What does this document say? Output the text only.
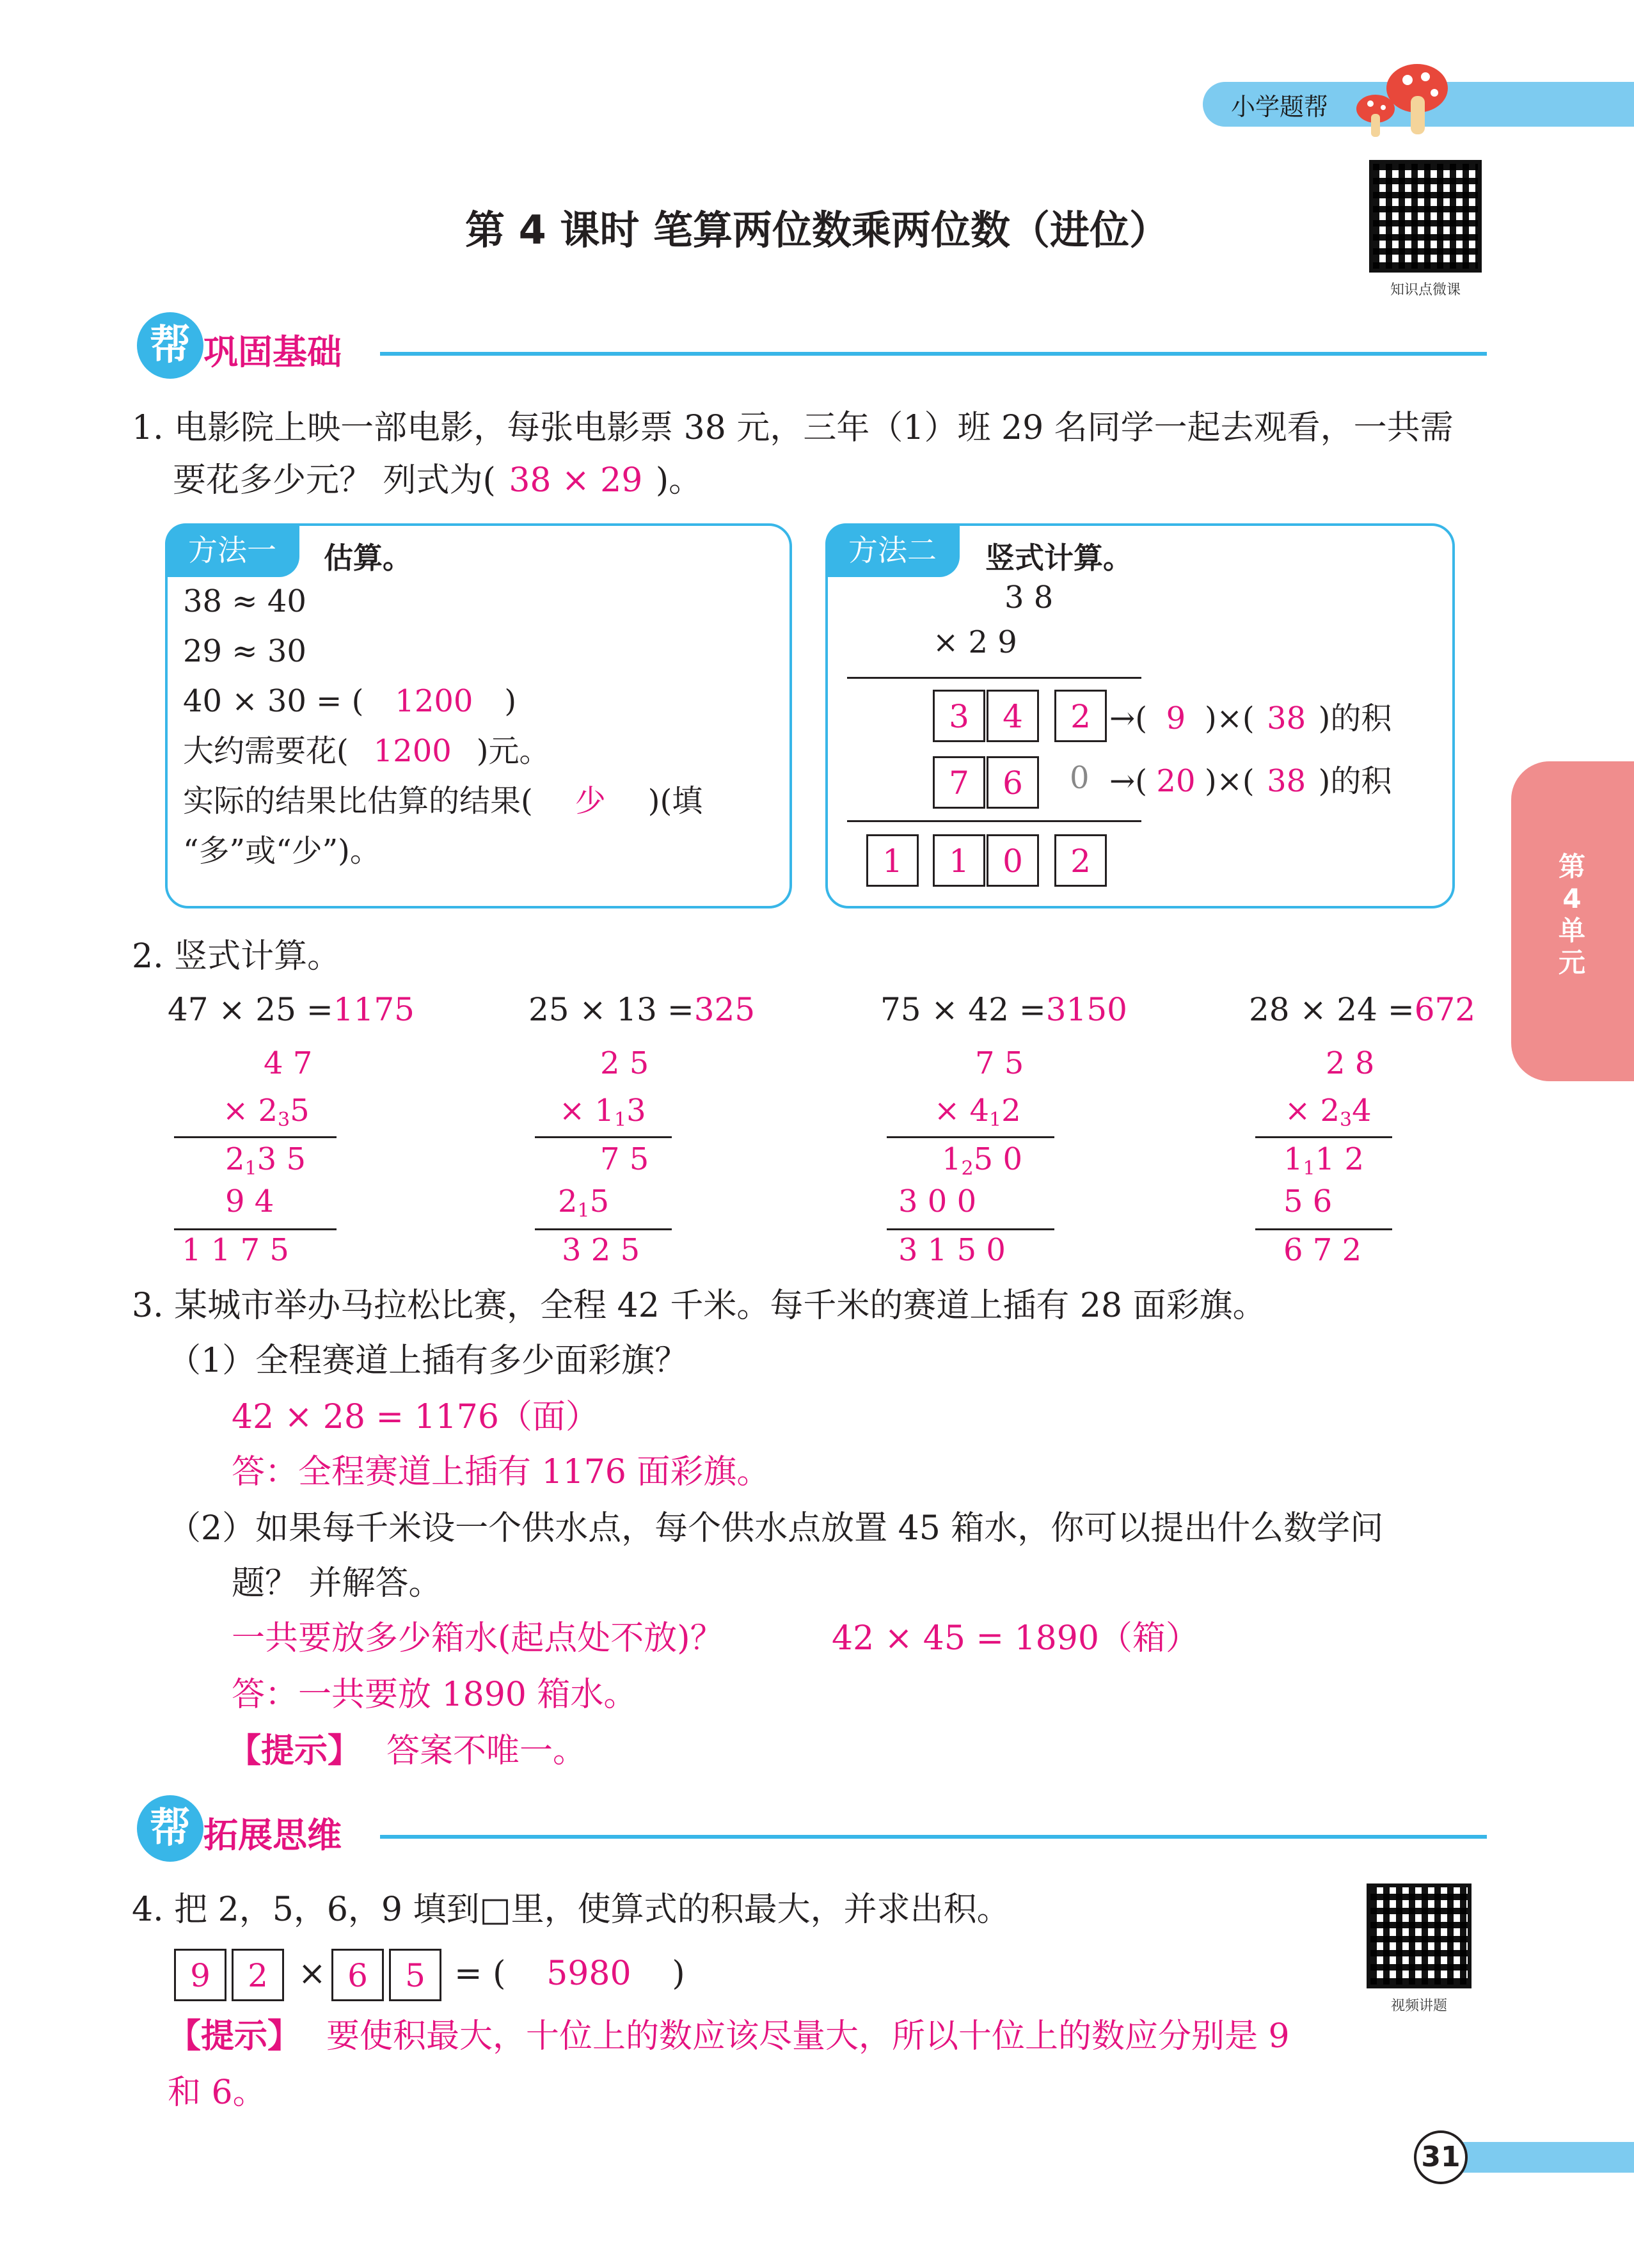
小学题帮
知识点微课
第 4 课时 笔算两位数乘两位数（进位）
帮 巩固基础
1. 电影院上映一部电影，每张电影票 38 元，三年（1）班 29 名同学一起去观看，一共需
要花多少元？ 列式为( 38 × 29 )。
方法一	估算。
38 ≈ 40
29 ≈ 30
40 × 30 = ( 1200 )
大约需要花( 1200 )元。
实际的结果比估算的结果( 少 )(填
“多”或“少”)。
方法二	竖式计算。
3 8
× 2 9
3	4	2 →( 9 )×( 38 )的积
7	6	0 →( 20 )×( 38 )的积
1	1	0	2	第4单元
2. 竖式计算。
47 × 25 =1175
4 7
× 235
213 5
9 4
1 1 7 5
25 × 13 =325
2 5
× 113
7 5
215
3 2 5
75 × 42 =3150
7 5
× 412
125 0
3 0 0
3 1 5 0
28 × 24 =672
2 8
× 234
111 2
5 6
6 7 2
3. 某城市举办马拉松比赛，全程 42 千米。每千米的赛道上插有 28 面彩旗。
（1）全程赛道上插有多少面彩旗？
42 × 28 = 1176（面）
答：全程赛道上插有 1176 面彩旗。
（2）如果每千米设一个供水点，每个供水点放置 45 箱水，你可以提出什么数学问
题？ 并解答。
一共要放多少箱水(起点处不放)？	42 × 45 = 1890（箱）
答：一共要放 1890 箱水。
【提示】 答案不唯一。
帮 拓展思维
4. 把 2，5，6，9 填到□里，使算式的积最大，并求出积。
9	2 × 6	5 = ( 5980 )
【提示】 要使积最大，十位上的数应该尽量大，所以十位上的数应分别是 9
和 6。
视频讲题
31
